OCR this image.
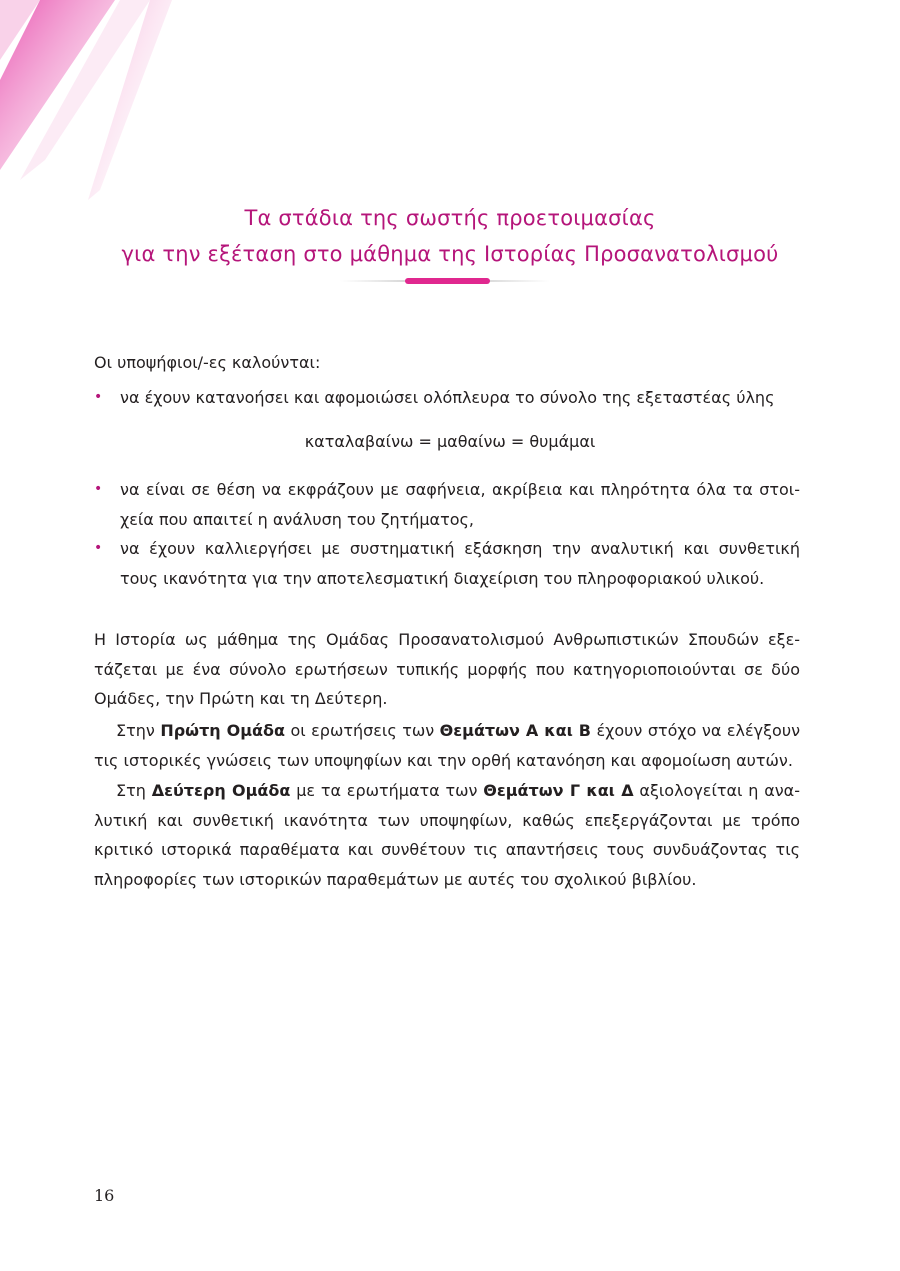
Τα στάδια της σωστής προετοιμασίας
για την εξέταση στο μάθημα της Ιστορίας Προσανατολισμού
Οι υποψήφιοι/-ες καλούνται:
• να έχουν κατανοήσει και αφομοιώσει ολόπλευρα το σύνολο της εξεταστέας ύλης
καταλαβαίνω = μαθαίνω = θυμάμαι
• να είναι σε θέση να εκφράζουν με σαφήνεια, ακρίβεια και πληρότητα όλα τα στοι-χεία που απαιτεί η ανάλυση του ζητήματος,
• να έχουν καλλιεργήσει με συστηματική εξάσκηση την αναλυτική και συνθετική τους ικανότητα για την αποτελεσματική διαχείριση του πληροφοριακού υλικού.
Η Ιστορία ως μάθημα της Ομάδας Προσανατολισμού Ανθρωπιστικών Σπουδών εξε-τάζεται με ένα σύνολο ερωτήσεων τυπικής μορφής που κατηγοριοποιούνται σε δύο Ομάδες, την Πρώτη και τη Δεύτερη.
Στην Πρώτη Ομάδα οι ερωτήσεις των Θεμάτων Α και Β έχουν στόχο να ελέγξουν τις ιστορικές γνώσεις των υποψηφίων και την ορθή κατανόηση και αφομοίωση αυτών.
Στη Δεύτερη Ομάδα με τα ερωτήματα των Θεμάτων Γ και Δ αξιολογείται η ανα-λυτική και συνθετική ικανότητα των υποψηφίων, καθώς επεξεργάζονται με τρόπο κριτικό ιστορικά παραθέματα και συνθέτουν τις απαντήσεις τους συνδυάζοντας τις πληροφορίες των ιστορικών παραθεμάτων με αυτές του σχολικού βιβλίου.
16
